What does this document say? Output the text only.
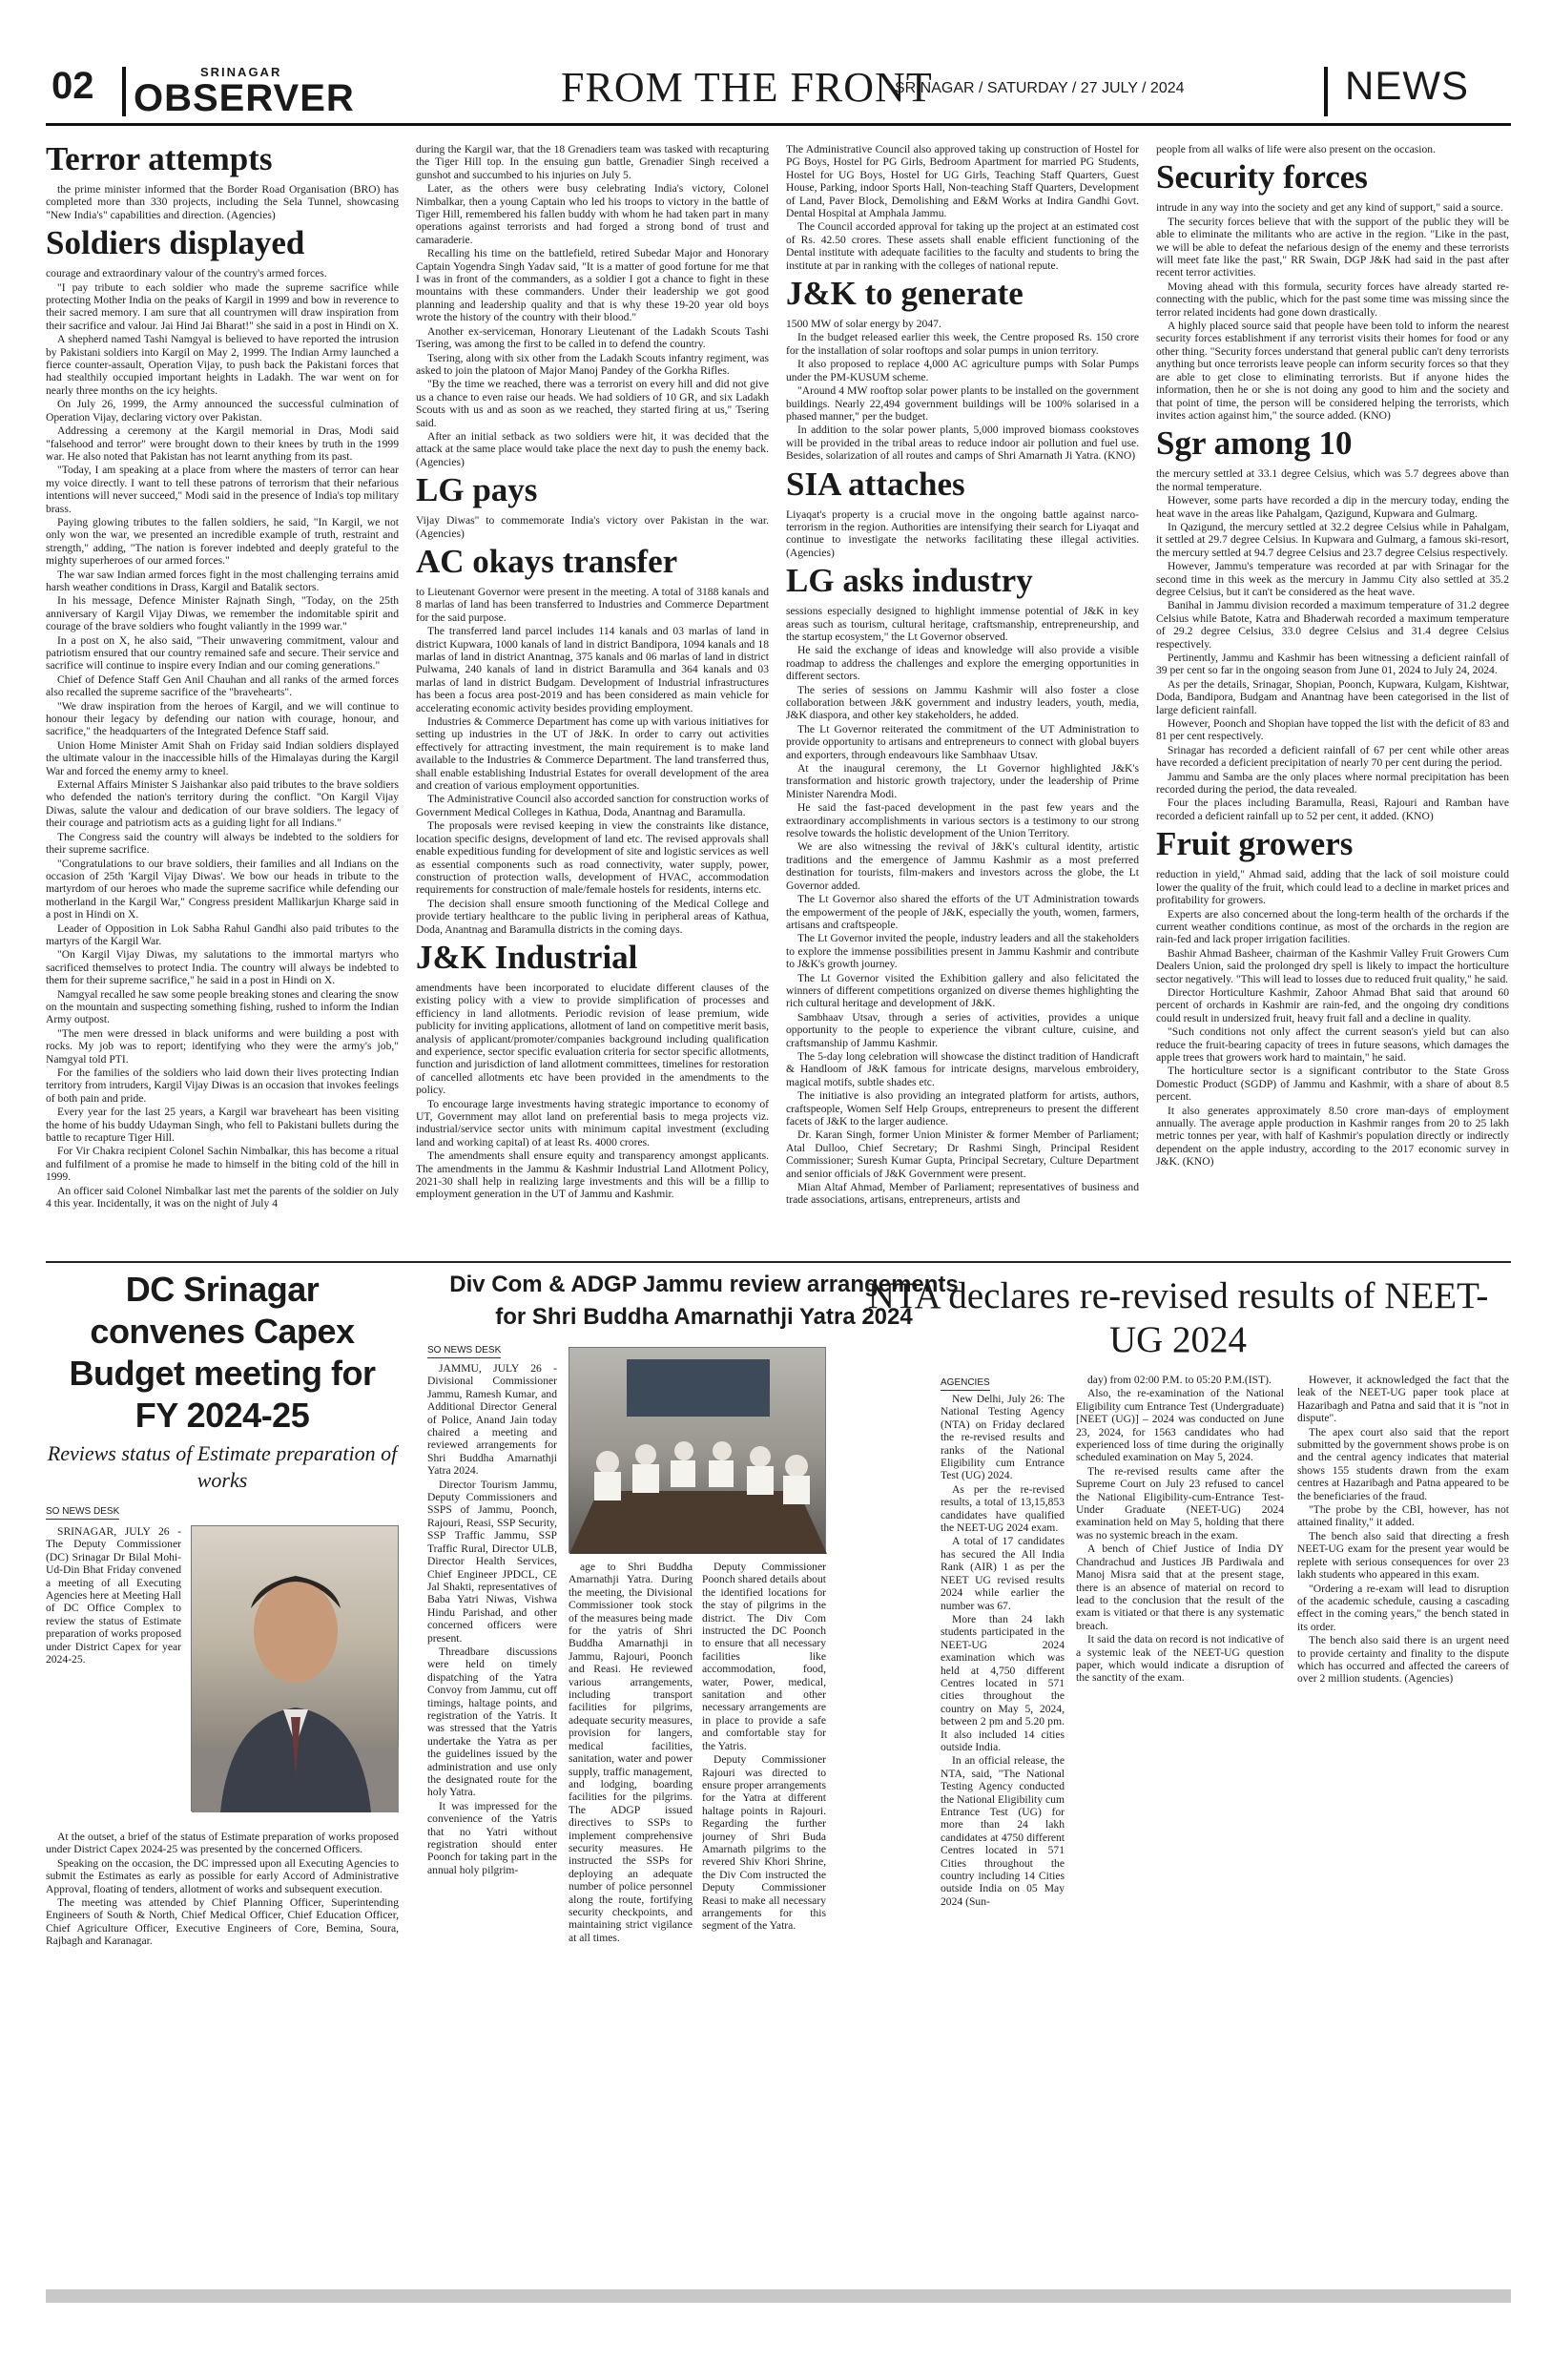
02	SRINAGAR
OBSERVER	FROM THE FRONT
SRINAGAR / SATURDAY / 27 JULY / 2024	NEWS
Terror attempts

the prime minister informed that the Border Road Organisation (BRO) has completed more than 330 projects, including the Sela Tunnel, showcasing "New India's" capabilities and direction. (Agencies)

Soldiers displayed

courage and extraordinary valour of the country's armed forces.

"I pay tribute to each soldier who made the supreme sacrifice while protecting Mother India on the peaks of Kargil in 1999 and bow in reverence to their sacred memory. I am sure that all countrymen will draw inspiration from their sacrifice and valour. Jai Hind Jai Bharat!" she said in a post in Hindi on X.

A shepherd named Tashi Namgyal is believed to have reported the intrusion by Pakistani soldiers into Kargil on May 2, 1999. The Indian Army launched a fierce counter-assault, Operation Vijay, to push back the Pakistani forces that had stealthily occupied important heights in Ladakh. The war went on for nearly three months on the icy heights.

On July 26, 1999, the Army announced the successful culmination of Operation Vijay, declaring victory over Pakistan.

Addressing a ceremony at the Kargil memorial in Dras, Modi said "falsehood and terror" were brought down to their knees by truth in the 1999 war. He also noted that Pakistan has not learnt anything from its past.

"Today, I am speaking at a place from where the masters of terror can hear my voice directly. I want to tell these patrons of terrorism that their nefarious intentions will never succeed," Modi said in the presence of India's top military brass.

Paying glowing tributes to the fallen soldiers, he said, "In Kargil, we not only won the war, we presented an incredible example of truth, restraint and strength," adding, "The nation is forever indebted and deeply grateful to the mighty superheroes of our armed forces."

The war saw Indian armed forces fight in the most challenging terrains amid harsh weather conditions in Drass, Kargil and Batalik sectors.

In his message, Defence Minister Rajnath Singh, "Today, on the 25th anniversary of Kargil Vijay Diwas, we remember the indomitable spirit and courage of the brave soldiers who fought valiantly in the 1999 war."

In a post on X, he also said, "Their unwavering commitment, valour and patriotism ensured that our country remained safe and secure. Their service and sacrifice will continue to inspire every Indian and our coming generations."

Chief of Defence Staff Gen Anil Chauhan and all ranks of the armed forces also recalled the supreme sacrifice of the "bravehearts".

"We draw inspiration from the heroes of Kargil, and we will continue to honour their legacy by defending our nation with courage, honour, and sacrifice," the headquarters of the Integrated Defence Staff said.

Union Home Minister Amit Shah on Friday said Indian soldiers displayed the ultimate valour in the inaccessible hills of the Himalayas during the Kargil War and forced the enemy army to kneel.

External Affairs Minister S Jaishankar also paid tributes to the brave soldiers who defended the nation's territory during the conflict. "On Kargil Vijay Diwas, salute the valour and dedication of our brave soldiers. The legacy of their courage and patriotism acts as a guiding light for all Indians."

The Congress said the country will always be indebted to the soldiers for their supreme sacrifice.

"Congratulations to our brave soldiers, their families and all Indians on the occasion of 25th 'Kargil Vijay Diwas'. We bow our heads in tribute to the martyrdom of our heroes who made the supreme sacrifice while defending our motherland in the Kargil War," Congress president Mallikarjun Kharge said in a post in Hindi on X.

Leader of Opposition in Lok Sabha Rahul Gandhi also paid tributes to the martyrs of the Kargil War.

"On Kargil Vijay Diwas, my salutations to the immortal martyrs who sacrificed themselves to protect India. The country will always be indebted to them for their supreme sacrifice," he said in a post in Hindi on X.

Namgyal recalled he saw some people breaking stones and clearing the snow on the mountain and suspecting something fishing, rushed to inform the Indian Army outpost.

"The men were dressed in black uniforms and were building a post with rocks. My job was to report; identifying who they were the army's job," Namgyal told PTI.

For the families of the soldiers who laid down their lives protecting Indian territory from intruders, Kargil Vijay Diwas is an occasion that invokes feelings of both pain and pride.

Every year for the last 25 years, a Kargil war braveheart has been visiting the home of his buddy Udayman Singh, who fell to Pakistani bullets during the battle to recapture Tiger Hill.

For Vir Chakra recipient Colonel Sachin Nimbalkar, this has become a ritual and fulfilment of a promise he made to himself in the biting cold of the hill in 1999.

An officer said Colonel Nimbalkar last met the parents of the soldier on July 4 this year. Incidentally, it was on the night of July 4

during the Kargil war, that the 18 Grenadiers team was tasked with recapturing the Tiger Hill top. In the ensuing gun battle, Grenadier Singh received a gunshot and succumbed to his injuries on July 5.

Later, as the others were busy celebrating India's victory, Colonel Nimbalkar, then a young Captain who led his troops to victory in the battle of Tiger Hill, remembered his fallen buddy with whom he had taken part in many operations against terrorists and had forged a strong bond of trust and camaraderie.

Recalling his time on the battlefield, retired Subedar Major and Honorary Captain Yogendra Singh Yadav said, "It is a matter of good fortune for me that I was in front of the commanders, as a soldier I got a chance to fight in these mountains with these commanders. Under their leadership we got good planning and leadership quality and that is why these 19-20 year old boys wrote the history of the country with their blood."

Another ex-serviceman, Honorary Lieutenant of the Ladakh Scouts Tashi Tsering, was among the first to be called in to defend the country.

Tsering, along with six other from the Ladakh Scouts infantry regiment, was asked to join the platoon of Major Manoj Pandey of the Gorkha Rifles.

"By the time we reached, there was a terrorist on every hill and did not give us a chance to even raise our heads. We had soldiers of 10 GR, and six Ladakh Scouts with us and as soon as we reached, they started firing at us," Tsering said.

After an initial setback as two soldiers were hit, it was decided that the attack at the same place would take place the next day to push the enemy back. (Agencies)

LG pays

Vijay Diwas" to commemorate India's victory over Pakistan in the war. (Agencies)

AC okays transfer

to Lieutenant Governor were present in the meeting. A total of 3188 kanals and 8 marlas of land has been transferred to Industries and Commerce Department for the said purpose.

The transferred land parcel includes 114 kanals and 03 marlas of land in district Kupwara, 1000 kanals of land in district Bandipora, 1094 kanals and 18 marlas of land in district Anantnag, 375 kanals and 06 marlas of land in district Pulwama, 240 kanals of land in district Baramulla and 364 kanals and 03 marlas of land in district Budgam. Development of Industrial infrastructures has been a focus area post-2019 and has been considered as main vehicle for accelerating economic activity besides providing employment.

Industries & Commerce Department has come up with various initiatives for setting up industries in the UT of J&K. In order to carry out activities effectively for attracting investment, the main requirement is to make land available to the Industries & Commerce Department. The land transferred thus, shall enable establishing Industrial Estates for overall development of the area and creation of various employment opportunities.

The Administrative Council also accorded sanction for construction works of Government Medical Colleges in Kathua, Doda, Anantnag and Baramulla.

The proposals were revised keeping in view the constraints like distance, location specific designs, development of land etc. The revised approvals shall enable expeditious funding for development of site and logistic services as well as essential components such as road connectivity, water supply, power, construction of protection walls, development of HVAC, accommodation requirements for construction of male/female hostels for residents, interns etc.

The decision shall ensure smooth functioning of the Medical College and provide tertiary healthcare to the public living in peripheral areas of Kathua, Doda, Anantnag and Baramulla districts in the coming days.

J&K Industrial

amendments have been incorporated to elucidate different clauses of the existing policy with a view to provide simplification of processes and efficiency in land allotments. Periodic revision of lease premium, wide publicity for inviting applications, allotment of land on competitive merit basis, analysis of applicant/promoter/companies background including qualification and experience, sector specific evaluation criteria for sector specific allotments, function and jurisdiction of land allotment committees, timelines for restoration of cancelled allotments etc have been provided in the amendments to the policy.

To encourage large investments having strategic importance to economy of UT, Government may allot land on preferential basis to mega projects viz. industrial/service sector units with minimum capital investment (excluding land and working capital) of at least Rs. 4000 crores.

The amendments shall ensure equity and transparency amongst applicants. The amendments in the Jammu & Kashmir Industrial Land Allotment Policy, 2021-30 shall help in realizing large investments and this will be a fillip to employment generation in the UT of Jammu and Kashmir.

The Administrative Council also approved taking up construction of Hostel for PG Boys, Hostel for PG Girls, Bedroom Apartment for married PG Students, Hostel for UG Boys, Hostel for UG Girls, Teaching Staff Quarters, Guest House, Parking, indoor Sports Hall, Non-teaching Staff Quarters, Development of Land, Paver Block, Demolishing and E&M Works at Indira Gandhi Govt. Dental Hospital at Amphala Jammu.

The Council accorded approval for taking up the project at an estimated cost of Rs. 42.50 crores. These assets shall enable efficient functioning of the Dental institute with adequate facilities to the faculty and students to bring the institute at par in ranking with the colleges of national repute.

J&K to generate

1500 MW of solar energy by 2047.

In the budget released earlier this week, the Centre proposed Rs. 150 crore for the installation of solar rooftops and solar pumps in union territory.

It also proposed to replace 4,000 AC agriculture pumps with Solar Pumps under the PM-KUSUM scheme.

"Around 4 MW rooftop solar power plants to be installed on the government buildings. Nearly 22,494 government buildings will be 100% solarised in a phased manner," per the budget.

In addition to the solar power plants, 5,000 improved biomass cookstoves will be provided in the tribal areas to reduce indoor air pollution and fuel use. Besides, solarization of all routes and camps of Shri Amarnath Ji Yatra. (KNO)

SIA attaches

Liyaqat's property is a crucial move in the ongoing battle against narco-terrorism in the region. Authorities are intensifying their search for Liyaqat and continue to investigate the networks facilitating these illegal activities. (Agencies)

LG asks industry

sessions especially designed to highlight immense potential of J&K in key areas such as tourism, cultural heritage, craftsmanship, entrepreneurship, and the startup ecosystem," the Lt Governor observed.

He said the exchange of ideas and knowledge will also provide a visible roadmap to address the challenges and explore the emerging opportunities in different sectors.

The series of sessions on Jammu Kashmir will also foster a close collaboration between J&K government and industry leaders, youth, media, J&K diaspora, and other key stakeholders, he added.

The Lt Governor reiterated the commitment of the UT Administration to provide opportunity to artisans and entrepreneurs to connect with global buyers and exporters, through endeavours like Sambhaav Utsav.

At the inaugural ceremony, the Lt Governor highlighted J&K's transformation and historic growth trajectory, under the leadership of Prime Minister Narendra Modi.

He said the fast-paced development in the past few years and the extraordinary accomplishments in various sectors is a testimony to our strong resolve towards the holistic development of the Union Territory.

We are also witnessing the revival of J&K's cultural identity, artistic traditions and the emergence of Jammu Kashmir as a most preferred destination for tourists, film-makers and investors across the globe, the Lt Governor added.

The Lt Governor also shared the efforts of the UT Administration towards the empowerment of the people of J&K, especially the youth, women, farmers, artisans and craftspeople.

The Lt Governor invited the people, industry leaders and all the stakeholders to explore the immense possibilities present in Jammu Kashmir and contribute to J&K's growth journey.

The Lt Governor visited the Exhibition gallery and also felicitated the winners of different competitions organized on diverse themes highlighting the rich cultural heritage and development of J&K.

Sambhaav Utsav, through a series of activities, provides a unique opportunity to the people to experience the vibrant culture, cuisine, and craftsmanship of Jammu Kashmir.

The 5-day long celebration will showcase the distinct tradition of Handicraft & Handloom of J&K famous for intricate designs, marvelous embroidery, magical motifs, subtle shades etc.

The initiative is also providing an integrated platform for artists, authors, craftspeople, Women Self Help Groups, entrepreneurs to present the different facets of J&K to the larger audience.

Dr. Karan Singh, former Union Minister & former Member of Parliament; Atal Dulloo, Chief Secretary; Dr Rashmi Singh, Principal Resident Commissioner; Suresh Kumar Gupta, Principal Secretary, Culture Department and senior officials of J&K Government were present.

Mian Altaf Ahmad, Member of Parliament; representatives of business and trade associations, artisans, entrepreneurs, artists and

people from all walks of life were also present on the occasion.

Security forces

intrude in any way into the society and get any kind of support," said a source.

The security forces believe that with the support of the public they will be able to eliminate the militants who are active in the region. "Like in the past, we will be able to defeat the nefarious design of the enemy and these terrorists will meet fate like the past," RR Swain, DGP J&K had said in the past after recent terror activities.

Moving ahead with this formula, security forces have already started re-connecting with the public, which for the past some time was missing since the terror related incidents had gone down drastically.

A highly placed source said that people have been told to inform the nearest security forces establishment if any terrorist visits their homes for food or any other thing. "Security forces understand that general public can't deny terrorists anything but once terrorists leave people can inform security forces so that they are able to get close to eliminating terrorists. But if anyone hides the information, then he or she is not doing any good to him and the society and that point of time, the person will be considered helping the terrorists, which invites action against him," the source added. (KNO)

Sgr among 10

the mercury settled at 33.1 degree Celsius, which was 5.7 degrees above than the normal temperature.

However, some parts have recorded a dip in the mercury today, ending the heat wave in the areas like Pahalgam, Qazigund, Kupwara and Gulmarg.

In Qazigund, the mercury settled at 32.2 degree Celsius while in Pahalgam, it settled at 29.7 degree Celsius. In Kupwara and Gulmarg, a famous ski-resort, the mercury settled at 94.7 degree Celsius and 23.7 degree Celsius respectively.

However, Jammu's temperature was recorded at par with Srinagar for the second time in this week as the mercury in Jammu City also settled at 35.2 degree Celsius, but it can't be considered as the heat wave.

Banihal in Jammu division recorded a maximum temperature of 31.2 degree Celsius while Batote, Katra and Bhaderwah recorded a maximum temperature of 29.2 degree Celsius, 33.0 degree Celsius and 31.4 degree Celsius respectively.

Pertinently, Jammu and Kashmir has been witnessing a deficient rainfall of 39 per cent so far in the ongoing season from June 01, 2024 to July 24, 2024.

As per the details, Srinagar, Shopian, Poonch, Kupwara, Kulgam, Kishtwar, Doda, Bandipora, Budgam and Anantnag have been categorised in the list of large deficient rainfall.

However, Poonch and Shopian have topped the list with the deficit of 83 and 81 per cent respectively.

Srinagar has recorded a deficient rainfall of 67 per cent while other areas have recorded a deficient precipitation of nearly 70 per cent during the period.

Jammu and Samba are the only places where normal precipitation has been recorded during the period, the data revealed.

Four the places including Baramulla, Reasi, Rajouri and Ramban have recorded a deficient rainfall up to 52 per cent, it added. (KNO)

Fruit growers

reduction in yield," Ahmad said, adding that the lack of soil moisture could lower the quality of the fruit, which could lead to a decline in market prices and profitability for growers.

Experts are also concerned about the long-term health of the orchards if the current weather conditions continue, as most of the orchards in the region are rain-fed and lack proper irrigation facilities.

Bashir Ahmad Basheer, chairman of the Kashmir Valley Fruit Growers Cum Dealers Union, said the prolonged dry spell is likely to impact the horticulture sector negatively. "This will lead to losses due to reduced fruit quality," he said.

Director Horticulture Kashmir, Zahoor Ahmad Bhat said that around 60 percent of orchards in Kashmir are rain-fed, and the ongoing dry conditions could result in undersized fruit, heavy fruit fall and a decline in quality.

"Such conditions not only affect the current season's yield but can also reduce the fruit-bearing capacity of trees in future seasons, which damages the apple trees that growers work hard to maintain," he said.

The horticulture sector is a significant contributor to the State Gross Domestic Product (SGDP) of Jammu and Kashmir, with a share of about 8.5 percent.

It also generates approximately 8.50 crore man-days of employment annually. The average apple production in Kashmir ranges from 20 to 25 lakh metric tonnes per year, with half of Kashmir's population directly or indirectly dependent on the apple industry, according to the 2017 economic survey in J&K. (KNO)

DC Srinagar convenes Capex Budget meeting for FY 2024-25
Reviews status of Estimate preparation of works
SO NEWS DESK

SRINAGAR, JULY 26 - The Deputy Commissioner (DC) Srinagar Dr Bilal Mohi-Ud-Din Bhat Friday convened a meeting of all Executing Agencies here at Meeting Hall of DC Office Complex to review the status of Estimate preparation of works proposed under District Capex for year 2024-25.

At the outset, a brief of the status of Estimate preparation of works proposed under District Capex 2024-25 was presented by the concerned Officers.

Speaking on the occasion, the DC impressed upon all Executing Agencies to submit the Estimates as early as possible for early Accord of Administrative Approval, floating of tenders, allotment of works and subsequent execution.

The meeting was attended by Chief Planning Officer, Superintending Engineers of South & North, Chief Medical Officer, Chief Education Officer, Chief Agriculture Officer, Executive Engineers of Core, Bemina, Soura, Rajbagh and Karanagar.

Div Com & ADGP Jammu review arrangements
for Shri Buddha Amarnathji Yatra 2024
SO NEWS DESK

JAMMU, JULY 26 - Divisional Commissioner Jammu, Ramesh Kumar, and Additional Director General of Police, Anand Jain today chaired a meeting and reviewed arrangements for Shri Buddha Amarnathji Yatra 2024.

Director Tourism Jammu, Deputy Commissioners and SSPS of Jammu, Poonch, Rajouri, Reasi, SSP Security, SSP Traffic Jammu, SSP Traffic Rural, Director ULB, Director Health Services, Chief Engineer JPDCL, CE Jal Shakti, representatives of Baba Yatri Niwas, Vishwa Hindu Parishad, and other concerned officers were present.

Threadbare discussions were held on timely dispatching of the Yatra Convoy from Jammu, cut off timings, haltage points, and registration of the Yatris. It was stressed that the Yatris undertake the Yatra as per the guidelines issued by the administration and use only the designated route for the holy Yatra.

It was impressed for the convenience of the Yatris that no Yatri without registration should enter Poonch for taking part in the annual holy pilgrim-

age to Shri Buddha Amarnathji Yatra. During the meeting, the Divisional Commissioner took stock of the measures being made for the yatris of Shri Buddha Amarnathji in Jammu, Rajouri, Poonch and Reasi. He reviewed various arrangements, including transport facilities for pilgrims, adequate security measures, provision for langers, medical facilities, sanitation, water and power supply, traffic management, and lodging, boarding facilities for the pilgrims. The ADGP issued directives to SSPs to implement comprehensive security measures. He instructed the SSPs for deploying an adequate number of police personnel along the route, fortifying security checkpoints, and maintaining strict vigilance at all times.

Deputy Commissioner Poonch shared details about the identified locations for the stay of pilgrims in the district. The Div Com instructed the DC Poonch to ensure that all necessary facilities like accommodation, food, water, Power, medical, sanitation and other necessary arrangements are in place to provide a safe and comfortable stay for the Yatris.

Deputy Commissioner Rajouri was directed to ensure proper arrangements for the Yatra at different haltage points in Rajouri. Regarding the further journey of Shri Buda Amarnath pilgrims to the revered Shiv Khori Shrine, the Div Com instructed the Deputy Commissioner Reasi to make all necessary arrangements for this segment of the Yatra.

NTA declares re-revised results of NEET-UG 2024
AGENCIES

New Delhi, July 26: The National Testing Agency (NTA) on Friday declared the re-revised results and ranks of the National Eligibility cum Entrance Test (UG) 2024.

As per the re-revised results, a total of 13,15,853 candidates have qualified the NEET-UG 2024 exam.

A total of 17 candidates has secured the All India Rank (AIR) 1 as per the NEET UG revised results 2024 while earlier the number was 67.

More than 24 lakh students participated in the NEET-UG 2024 examination which was held at 4,750 different Centres located in 571 cities throughout the country on May 5, 2024, between 2 pm and 5.20 pm. It also included 14 cities outside India.

In an official release, the NTA, said, "The National Testing Agency conducted the National Eligibility cum Entrance Test (UG) for more than 24 lakh candidates at 4750 different Centres located in 571 Cities throughout the country including 14 Cities outside India on 05 May 2024 (Sun-

day) from 02:00 P.M. to 05:20 P.M.(IST).

Also, the re-examination of the National Eligibility cum Entrance Test (Undergraduate) [NEET (UG)] – 2024 was conducted on June 23, 2024, for 1563 candidates who had experienced loss of time during the originally scheduled examination on May 5, 2024.

The re-revised results came after the Supreme Court on July 23 refused to cancel the National Eligibility-cum-Entrance Test-Under Graduate (NEET-UG) 2024 examination held on May 5, holding that there was no systemic breach in the exam.

A bench of Chief Justice of India DY Chandrachud and Justices JB Pardiwala and Manoj Misra said that at the present stage, there is an absence of material on record to lead to the conclusion that the result of the exam is vitiated or that there is any systematic breach.

It said the data on record is not indicative of a systemic leak of the NEET-UG question paper, which would indicate a disruption of the sanctity of the exam.

However, it acknowledged the fact that the leak of the NEET-UG paper took place at Hazaribagh and Patna and said that it is "not in dispute".

The apex court also said that the report submitted by the government shows probe is on and the central agency indicates that material shows 155 students drawn from the exam centres at Hazaribagh and Patna appeared to be the beneficiaries of the fraud.

"The probe by the CBI, however, has not attained finality," it added.

The bench also said that directing a fresh NEET-UG exam for the present year would be replete with serious consequences for over 23 lakh students who appeared in this exam.

"Ordering a re-exam will lead to disruption of the academic schedule, causing a cascading effect in the coming years," the bench stated in its order.

The bench also said there is an urgent need to provide certainty and finality to the dispute which has occurred and affected the careers of over 2 million students. (Agencies)
